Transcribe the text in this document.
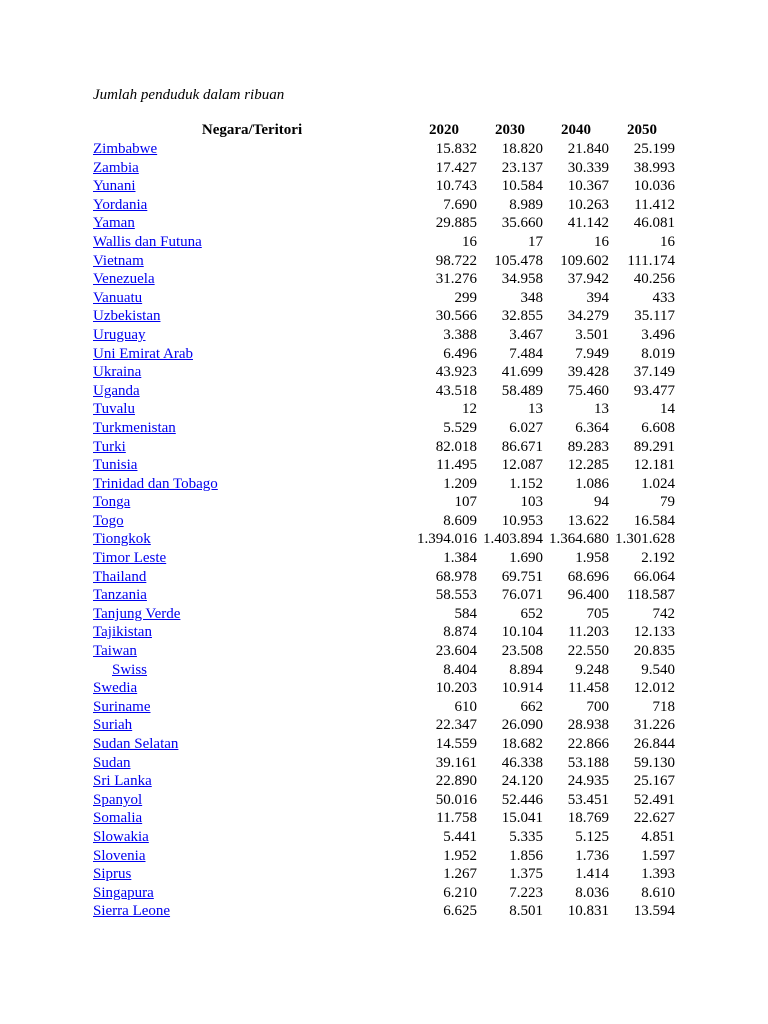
Jumlah penduduk dalam ribuan
Negara/Teritori	2020	2030	2040	2050
Zimbabwe	15.832	18.820	21.840	25.199
Zambia	17.427	23.137	30.339	38.993
Yunani	10.743	10.584	10.367	10.036
Yordania	7.690	8.989	10.263	11.412
Yaman	29.885	35.660	41.142	46.081
Wallis dan Futuna	16	17	16	16
Vietnam	98.722	105.478	109.602	111.174
Venezuela	31.276	34.958	37.942	40.256
Vanuatu	299	348	394	433
Uzbekistan	30.566	32.855	34.279	35.117
Uruguay	3.388	3.467	3.501	3.496
Uni Emirat Arab	6.496	7.484	7.949	8.019
Ukraina	43.923	41.699	39.428	37.149
Uganda	43.518	58.489	75.460	93.477
Tuvalu	12	13	13	14
Turkmenistan	5.529	6.027	6.364	6.608
Turki	82.018	86.671	89.283	89.291
Tunisia	11.495	12.087	12.285	12.181
Trinidad dan Tobago	1.209	1.152	1.086	1.024
Tonga	107	103	94	79
Togo	8.609	10.953	13.622	16.584
Tiongkok	1.394.016	1.403.894	1.364.680	1.301.628
Timor Leste	1.384	1.690	1.958	2.192
Thailand	68.978	69.751	68.696	66.064
Tanzania	58.553	76.071	96.400	118.587
Tanjung Verde	584	652	705	742
Tajikistan	8.874	10.104	11.203	12.133
Taiwan	23.604	23.508	22.550	20.835
Swiss	8.404	8.894	9.248	9.540
Swedia	10.203	10.914	11.458	12.012
Suriname	610	662	700	718
Suriah	22.347	26.090	28.938	31.226
Sudan Selatan	14.559	18.682	22.866	26.844
Sudan	39.161	46.338	53.188	59.130
Sri Lanka	22.890	24.120	24.935	25.167
Spanyol	50.016	52.446	53.451	52.491
Somalia	11.758	15.041	18.769	22.627
Slowakia	5.441	5.335	5.125	4.851
Slovenia	1.952	1.856	1.736	1.597
Siprus	1.267	1.375	1.414	1.393
Singapura	6.210	7.223	8.036	8.610
Sierra Leone	6.625	8.501	10.831	13.594
